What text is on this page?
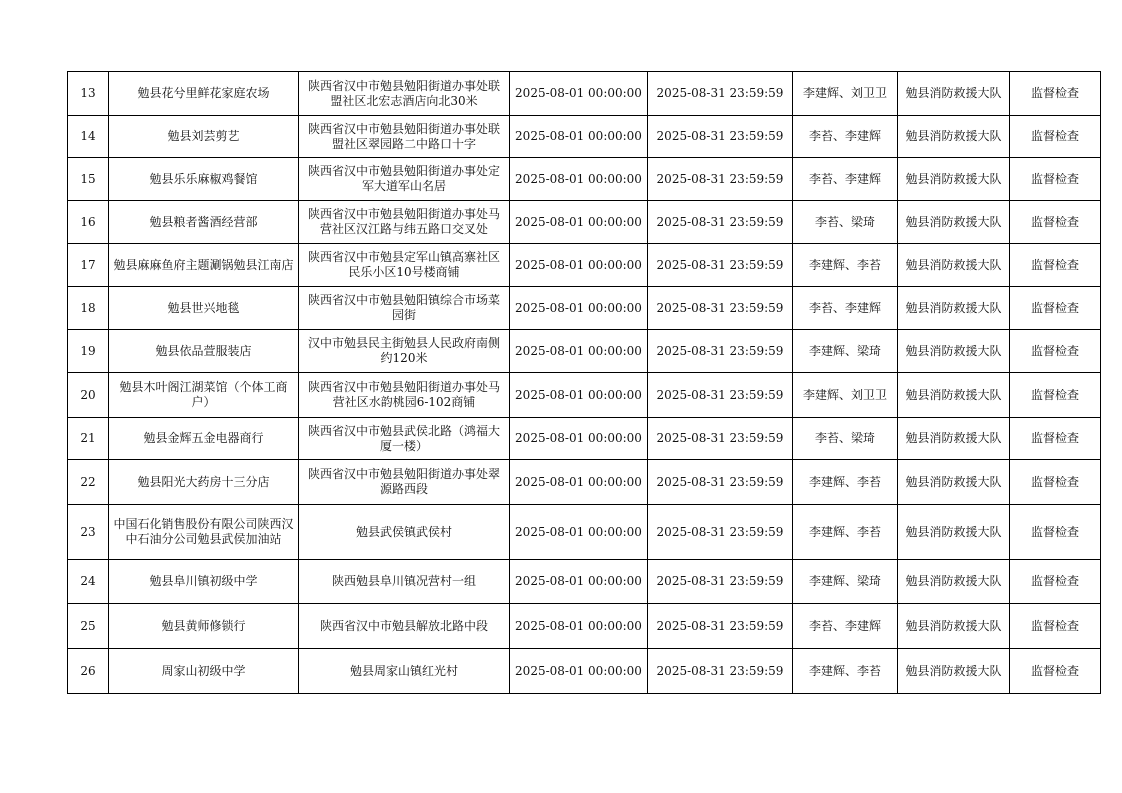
13	勉县花兮里鲜花家庭农场	陕西省汉中市勉县勉阳街道办事处联盟社区北宏志酒店向北30米	2025-08-01 00:00:00	2025-08-31 23:59:59	李建辉、刘卫卫	勉县消防救援大队	监督检查
14	勉县刘芸剪艺	陕西省汉中市勉县勉阳街道办事处联盟社区翠园路二中路口十字	2025-08-01 00:00:00	2025-08-31 23:59:59	李苔、李建辉	勉县消防救援大队	监督检查
15	勉县乐乐麻椒鸡餐馆	陕西省汉中市勉县勉阳街道办事处定军大道军山名居	2025-08-01 00:00:00	2025-08-31 23:59:59	李苔、李建辉	勉县消防救援大队	监督检查
16	勉县粮者酱酒经营部	陕西省汉中市勉县勉阳街道办事处马营社区汉江路与纬五路口交叉处	2025-08-01 00:00:00	2025-08-31 23:59:59	李苔、梁琦	勉县消防救援大队	监督检查
17	勉县麻麻鱼府主题涮锅勉县江南店	陕西省汉中市勉县定军山镇高寨社区民乐小区10号楼商铺	2025-08-01 00:00:00	2025-08-31 23:59:59	李建辉、李苔	勉县消防救援大队	监督检查
18	勉县世兴地毯	陕西省汉中市勉县勉阳镇综合市场菜园街	2025-08-01 00:00:00	2025-08-31 23:59:59	李苔、李建辉	勉县消防救援大队	监督检查
19	勉县依品萱服装店	汉中市勉县民主街勉县人民政府南侧约120米	2025-08-01 00:00:00	2025-08-31 23:59:59	李建辉、梁琦	勉县消防救援大队	监督检查
20	勉县木叶阁江湖菜馆（个体工商户）	陕西省汉中市勉县勉阳街道办事处马营社区水韵桃园6-102商铺	2025-08-01 00:00:00	2025-08-31 23:59:59	李建辉、刘卫卫	勉县消防救援大队	监督检查
21	勉县金辉五金电器商行	陕西省汉中市勉县武侯北路（鸿福大厦一楼）	2025-08-01 00:00:00	2025-08-31 23:59:59	李苔、梁琦	勉县消防救援大队	监督检查
22	勉县阳光大药房十三分店	陕西省汉中市勉县勉阳街道办事处翠源路西段	2025-08-01 00:00:00	2025-08-31 23:59:59	李建辉、李苔	勉县消防救援大队	监督检查
23	中国石化销售股份有限公司陕西汉中石油分公司勉县武侯加油站	勉县武侯镇武侯村	2025-08-01 00:00:00	2025-08-31 23:59:59	李建辉、李苔	勉县消防救援大队	监督检查
24	勉县阜川镇初级中学	陕西勉县阜川镇况营村一组	2025-08-01 00:00:00	2025-08-31 23:59:59	李建辉、梁琦	勉县消防救援大队	监督检查
25	勉县黄师修锁行	陕西省汉中市勉县解放北路中段	2025-08-01 00:00:00	2025-08-31 23:59:59	李苔、李建辉	勉县消防救援大队	监督检查
26	周家山初级中学	勉县周家山镇红光村	2025-08-01 00:00:00	2025-08-31 23:59:59	李建辉、李苔	勉县消防救援大队	监督检查
